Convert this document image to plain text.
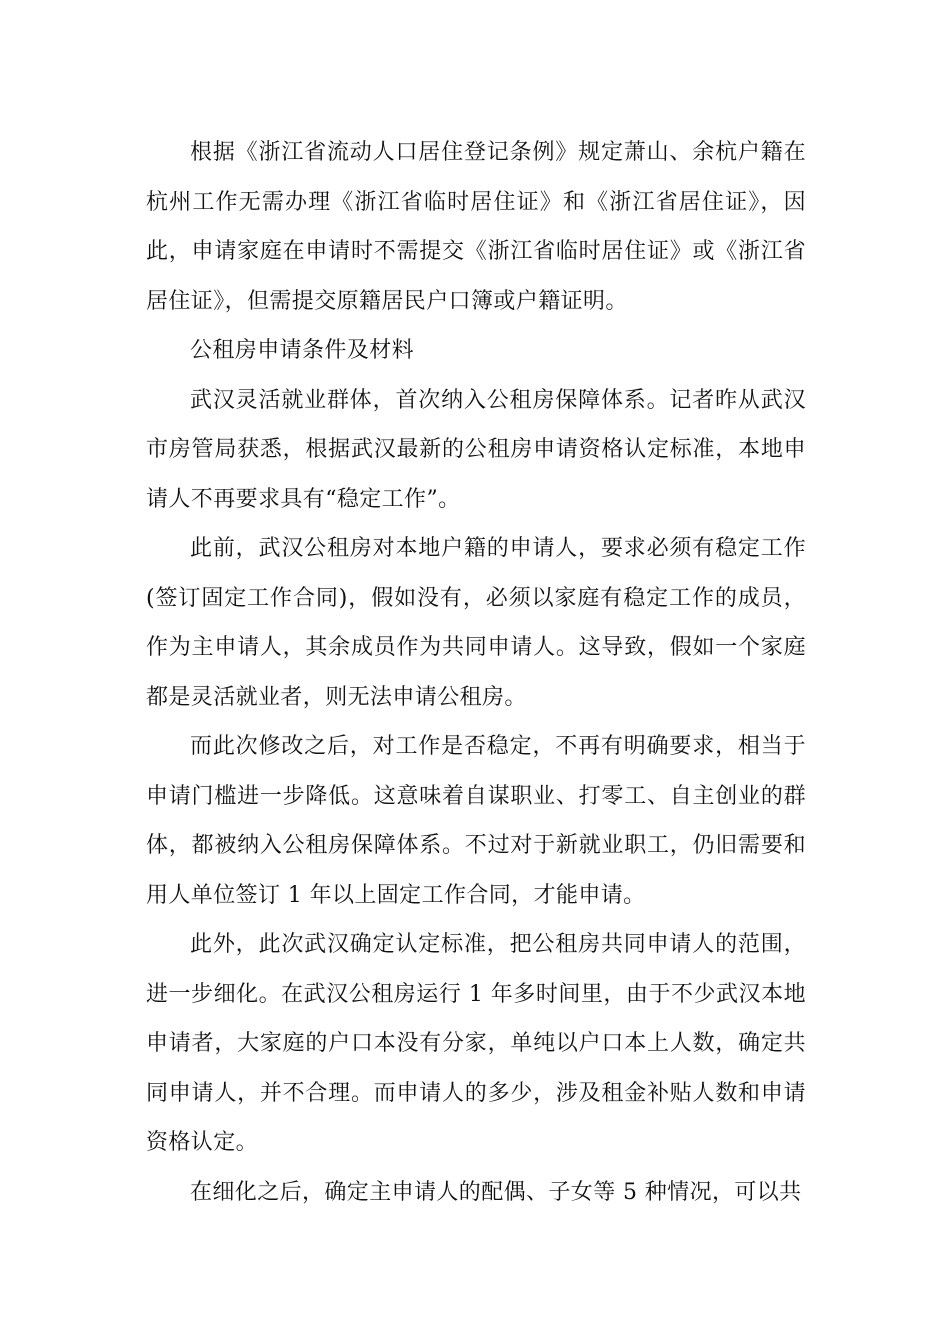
根据《浙江省流动人口居住登记条例》规定萧山、余杭户籍在杭州工作无需办理《浙江省临时居住证》和《浙江省居住证》，因此，申请家庭在申请时不需提交《浙江省临时居住证》或《浙江省居住证》，但需提交原籍居民户口簿或户籍证明。

公租房申请条件及材料

武汉灵活就业群体，首次纳入公租房保障体系。记者昨从武汉市房管局获悉，根据武汉最新的公租房申请资格认定标准，本地申请人不再要求具有“稳定工作”。

此前，武汉公租房对本地户籍的申请人，要求必须有稳定工作(签订固定工作合同)，假如没有，必须以家庭有稳定工作的成员，作为主申请人，其余成员作为共同申请人。这导致，假如一个家庭都是灵活就业者，则无法申请公租房。

而此次修改之后，对工作是否稳定，不再有明确要求，相当于申请门槛进一步降低。这意味着自谋职业、打零工、自主创业的群体，都被纳入公租房保障体系。不过对于新就业职工，仍旧需要和用人单位签订 1 年以上固定工作合同，才能申请。

此外，此次武汉确定认定标准，把公租房共同申请人的范围，进一步细化。在武汉公租房运行 1 年多时间里，由于不少武汉本地申请者，大家庭的户口本没有分家，单纯以户口本上人数，确定共同申请人，并不合理。而申请人的多少，涉及租金补贴人数和申请资格认定。

在细化之后，确定主申请人的配偶、子女等 5 种情况，可以共
